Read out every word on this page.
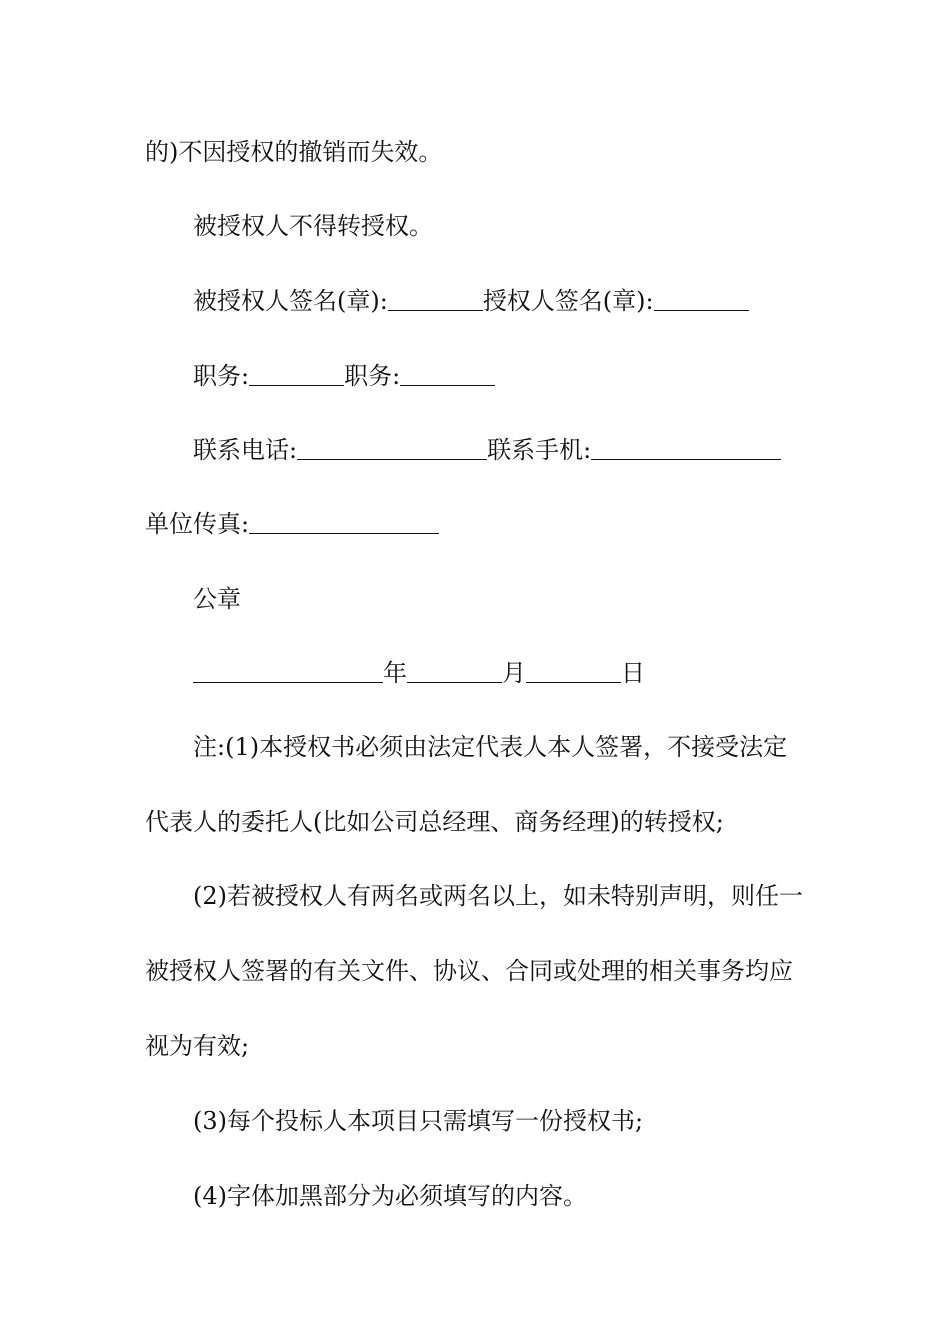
的)不因授权的撤销而失效。
被授权人不得转授权。
被授权人签名(章):	授权人签名(章):
职务:	职务:
联系电话:	联系手机:
单位传真:
公章
年	月	日
注:(1)本授权书必须由法定代表人本人签署，不接受法定
代表人的委托人(比如公司总经理、商务经理)的转授权;
(2)若被授权人有两名或两名以上，如未特别声明，则任一
被授权人签署的有关文件、协议、合同或处理的相关事务均应
视为有效;
(3)每个投标人本项目只需填写一份授权书;
(4)字体加黑部分为必须填写的内容。
